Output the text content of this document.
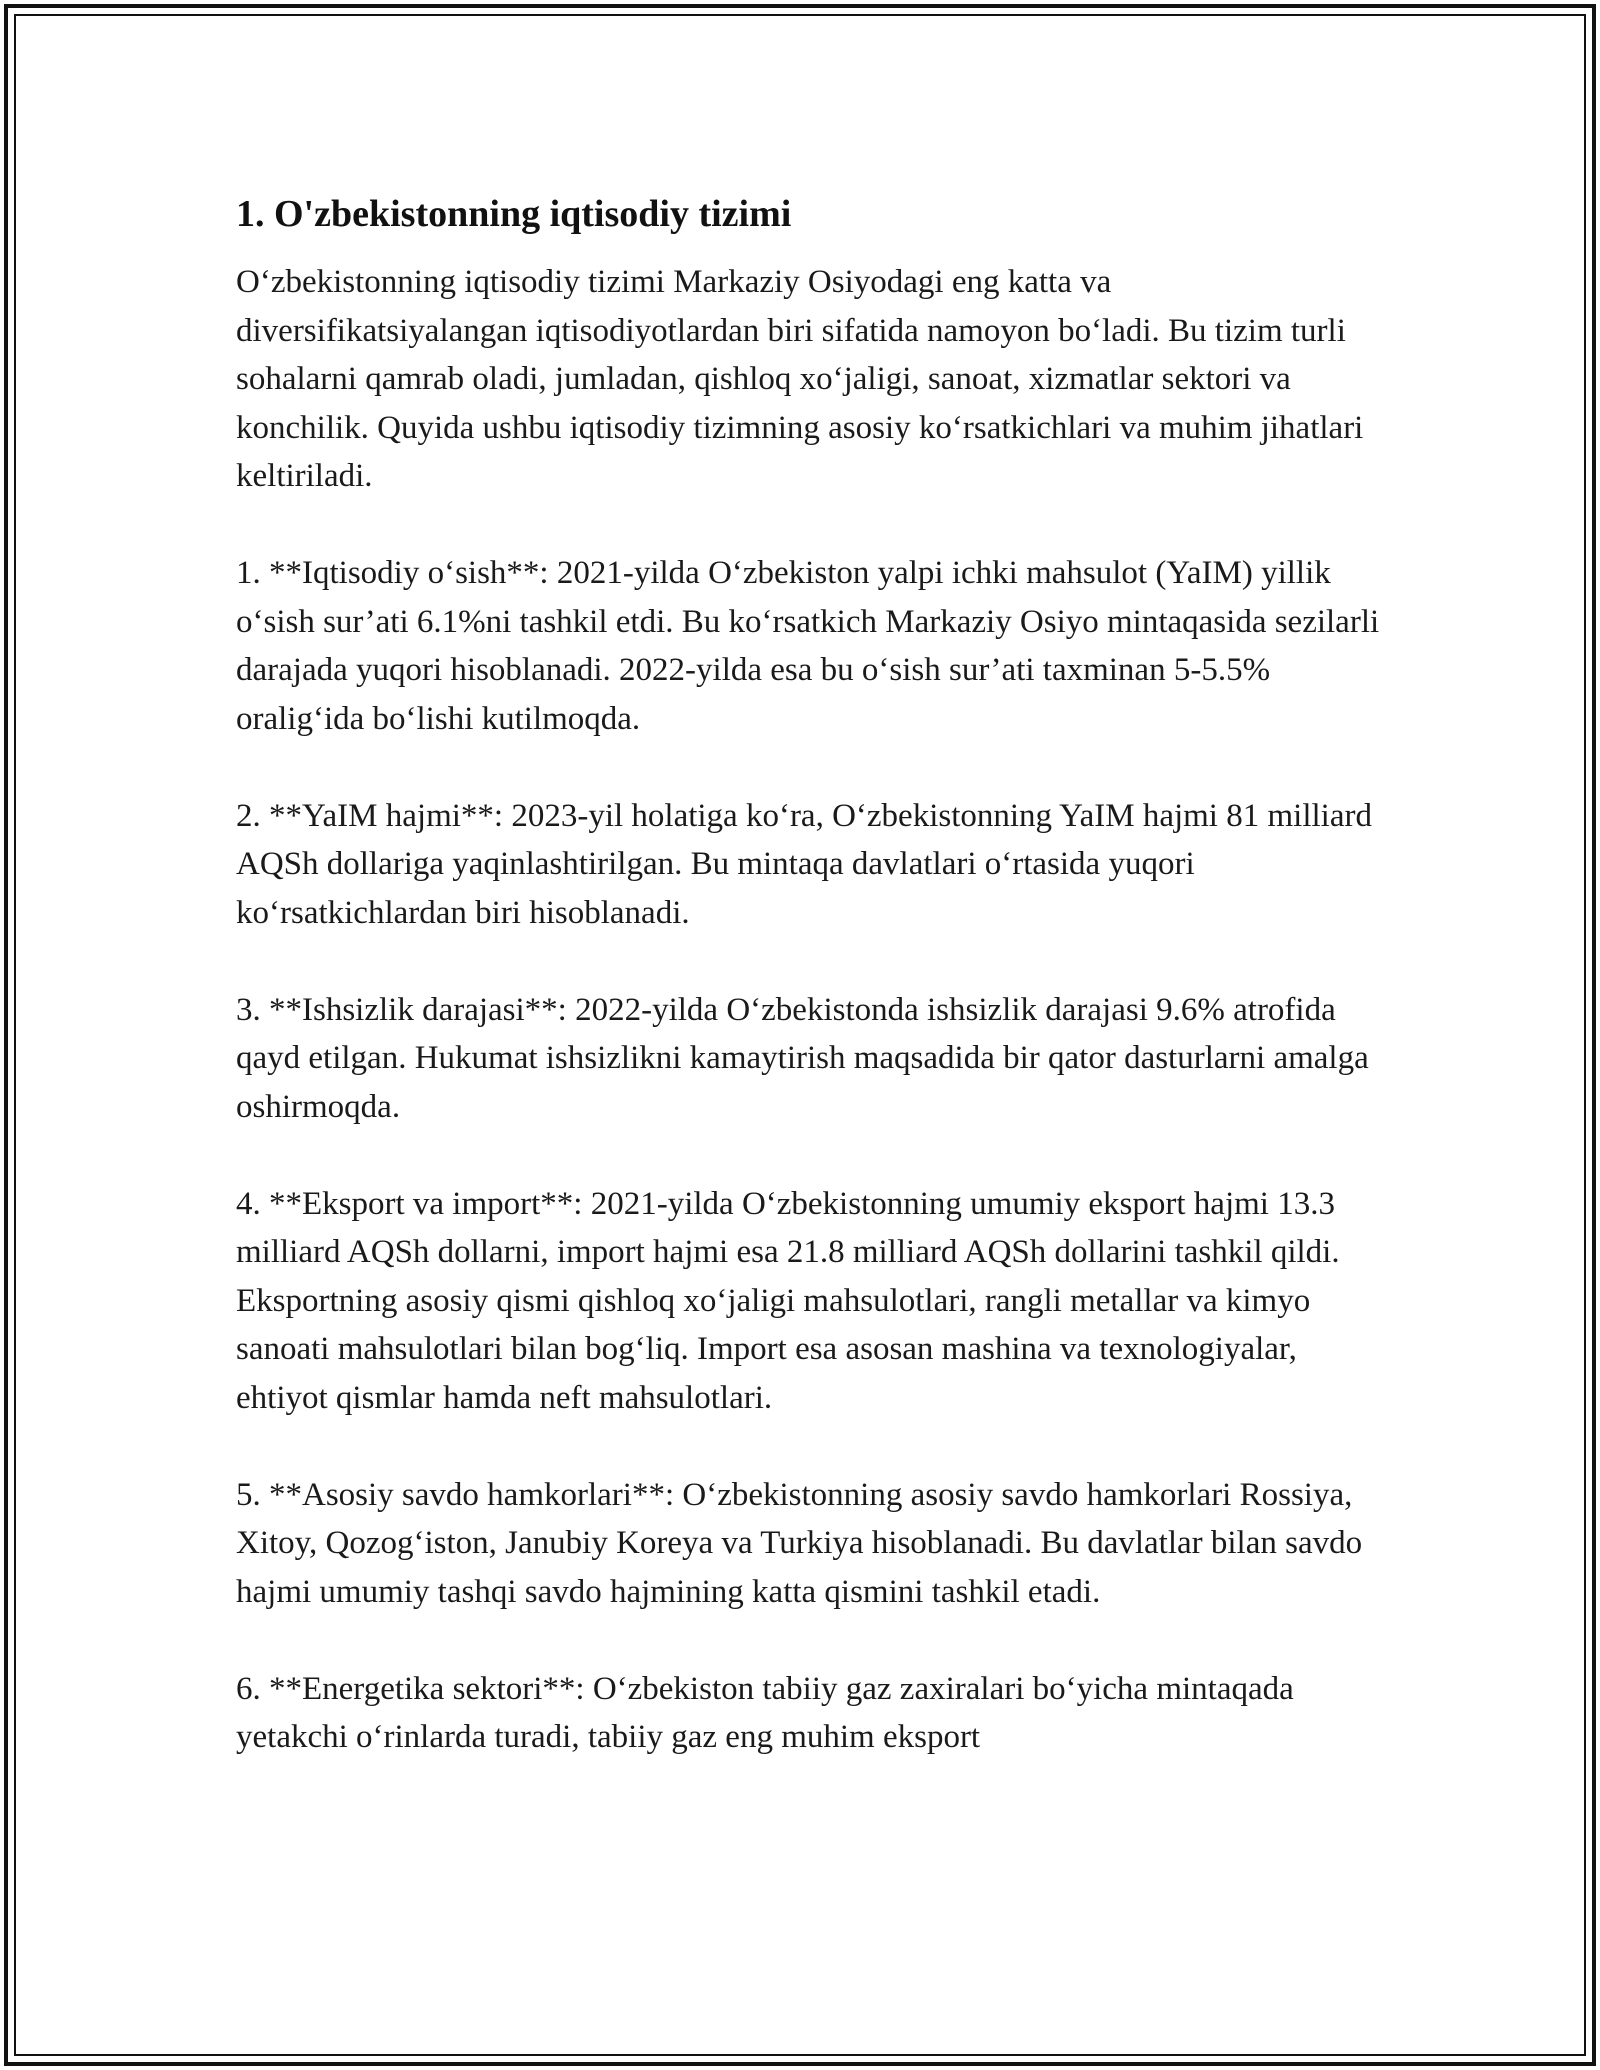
1. O'zbekistonning iqtisodiy tizimi

O‘zbekistonning iqtisodiy tizimi Markaziy Osiyodagi eng katta va diversifikatsiyalangan iqtisodiyotlardan biri sifatida namoyon bo‘ladi. Bu tizim turli sohalarni qamrab oladi, jumladan, qishloq xo‘jaligi, sanoat, xizmatlar sektori va konchilik. Quyida ushbu iqtisodiy tizimning asosiy ko‘rsatkichlari va muhim jihatlari keltiriladi.

1. **Iqtisodiy o‘sish**: 2021-yilda O‘zbekiston yalpi ichki mahsulot (YaIM) yillik o‘sish sur’ati 6.1%ni tashkil etdi. Bu ko‘rsatkich Markaziy Osiyo mintaqasida sezilarli darajada yuqori hisoblanadi. 2022-yilda esa bu o‘sish sur’ati taxminan 5-5.5% oralig‘ida bo‘lishi kutilmoqda.

2. **YaIM hajmi**: 2023-yil holatiga ko‘ra, O‘zbekistonning YaIM hajmi 81 milliard AQSh dollariga yaqinlashtirilgan. Bu mintaqa davlatlari o‘rtasida yuqori ko‘rsatkichlardan biri hisoblanadi.

3. **Ishsizlik darajasi**: 2022-yilda O‘zbekistonda ishsizlik darajasi 9.6% atrofida qayd etilgan. Hukumat ishsizlikni kamaytirish maqsadida bir qator dasturlarni amalga oshirmoqda.

4. **Eksport va import**: 2021-yilda O‘zbekistonning umumiy eksport hajmi 13.3 milliard AQSh dollarni, import hajmi esa 21.8 milliard AQSh dollarini tashkil qildi. Eksportning asosiy qismi qishloq xo‘jaligi mahsulotlari, rangli metallar va kimyo sanoati mahsulotlari bilan bog‘liq. Import esa asosan mashina va texnologiyalar, ehtiyot qismlar hamda neft mahsulotlari.

5. **Asosiy savdo hamkorlari**: O‘zbekistonning asosiy savdo hamkorlari Rossiya, Xitoy, Qozog‘iston, Janubiy Koreya va Turkiya hisoblanadi. Bu davlatlar bilan savdo hajmi umumiy tashqi savdo hajmining katta qismini tashkil etadi.

6. **Energetika sektori**: O‘zbekiston tabiiy gaz zaxiralari bo‘yicha mintaqada yetakchi o‘rinlarda turadi, tabiiy gaz eng muhim eksport
